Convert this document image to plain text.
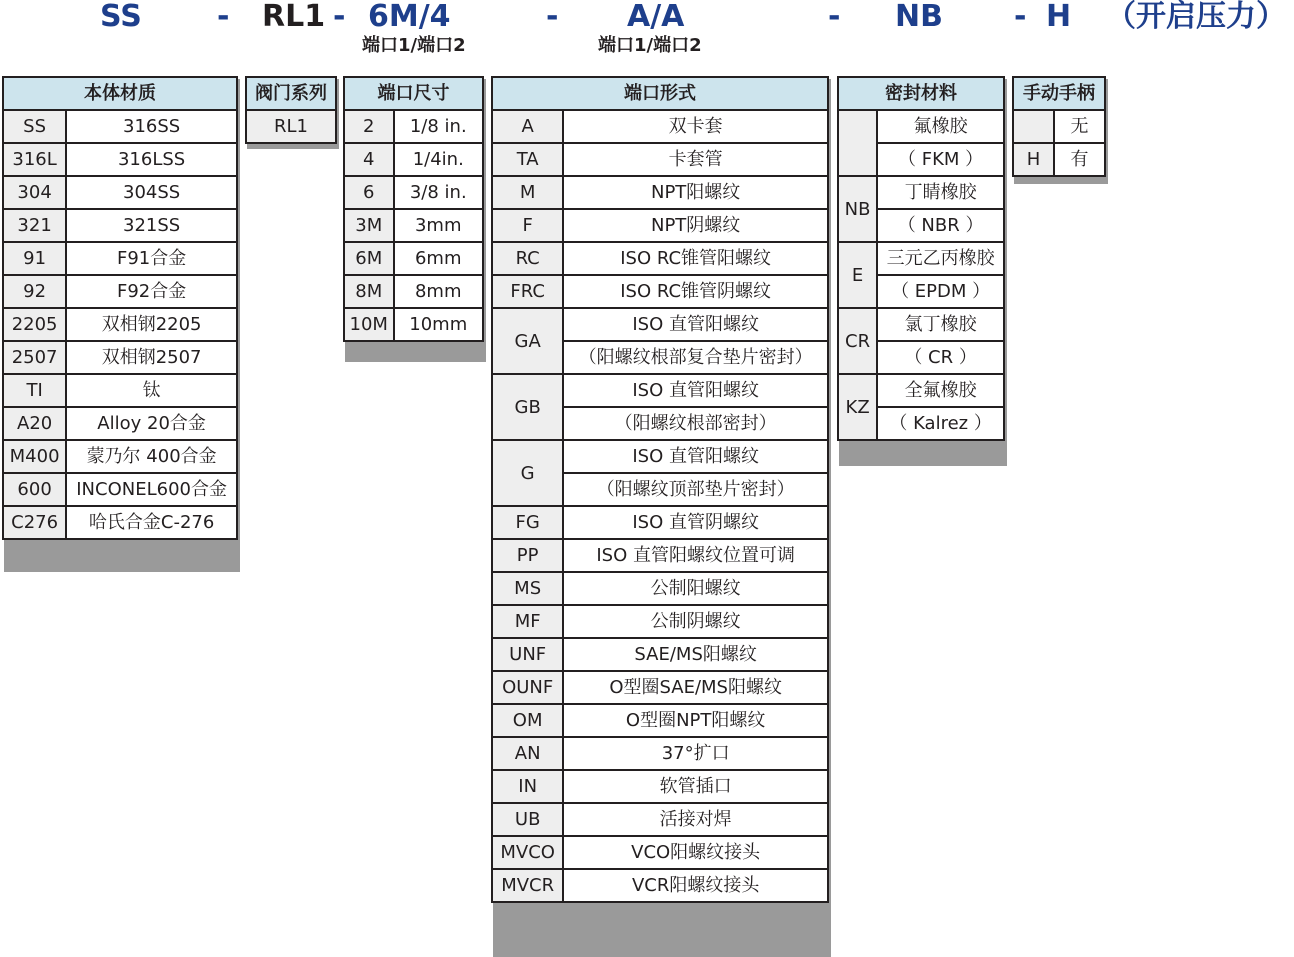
SS	- RL1 - 6M/4	- A/A	- NB - H （开启压力）
端口1/端口2	端口1/端口2
本体材质	
SS	316SS
316L	316LSS
304	304SS
321	321SS
91	F91合金
92	F92合金
2205	双相钢2205
2507	双相钢2507
TI	钛
A20	Alloy 20合金
M400	蒙乃尔 400合金
600	INCONEL600合金
C276	哈氏合金C-276
阀门系列
RL1
端口尺寸	
2	1/8 in.
4	1/4in.
6	3/8 in.
3M	3mm
6M	6mm
8M	8mm
10M	10mm
端口形式	
A	双卡套
TA	卡套管
M	NPT阳螺纹
F	NPT阴螺纹
RC	ISO RC锥管阳螺纹
FRC	ISO RC锥管阴螺纹
GA	ISO 直管阳螺纹
	（阳螺纹根部复合垫片密封）
GB	ISO 直管阳螺纹
	（阳螺纹根部密封）
G	ISO 直管阳螺纹
	（阳螺纹顶部垫片密封）
FG	ISO 直管阴螺纹
PP	ISO 直管阳螺纹位置可调
MS	公制阳螺纹
MF	公制阴螺纹
UNF	SAE/MS阳螺纹
OUNF	O型圈SAE/MS阳螺纹
OM	O型圈NPT阳螺纹
AN	37°扩口
IN	软管插口
UB	活接对焊
MVCO	VCO阳螺纹接头
MVCR	VCR阳螺纹接头
密封材料	
	氟橡胶
	（ FKM ）
NB	丁睛橡胶
	（ NBR ）
E	三元乙丙橡胶
	（ EPDM ）
CR	氯丁橡胶
	（ CR ）
KZ	全氟橡胶
	（ Kalrez ）
手动手柄	
	无
H	有
